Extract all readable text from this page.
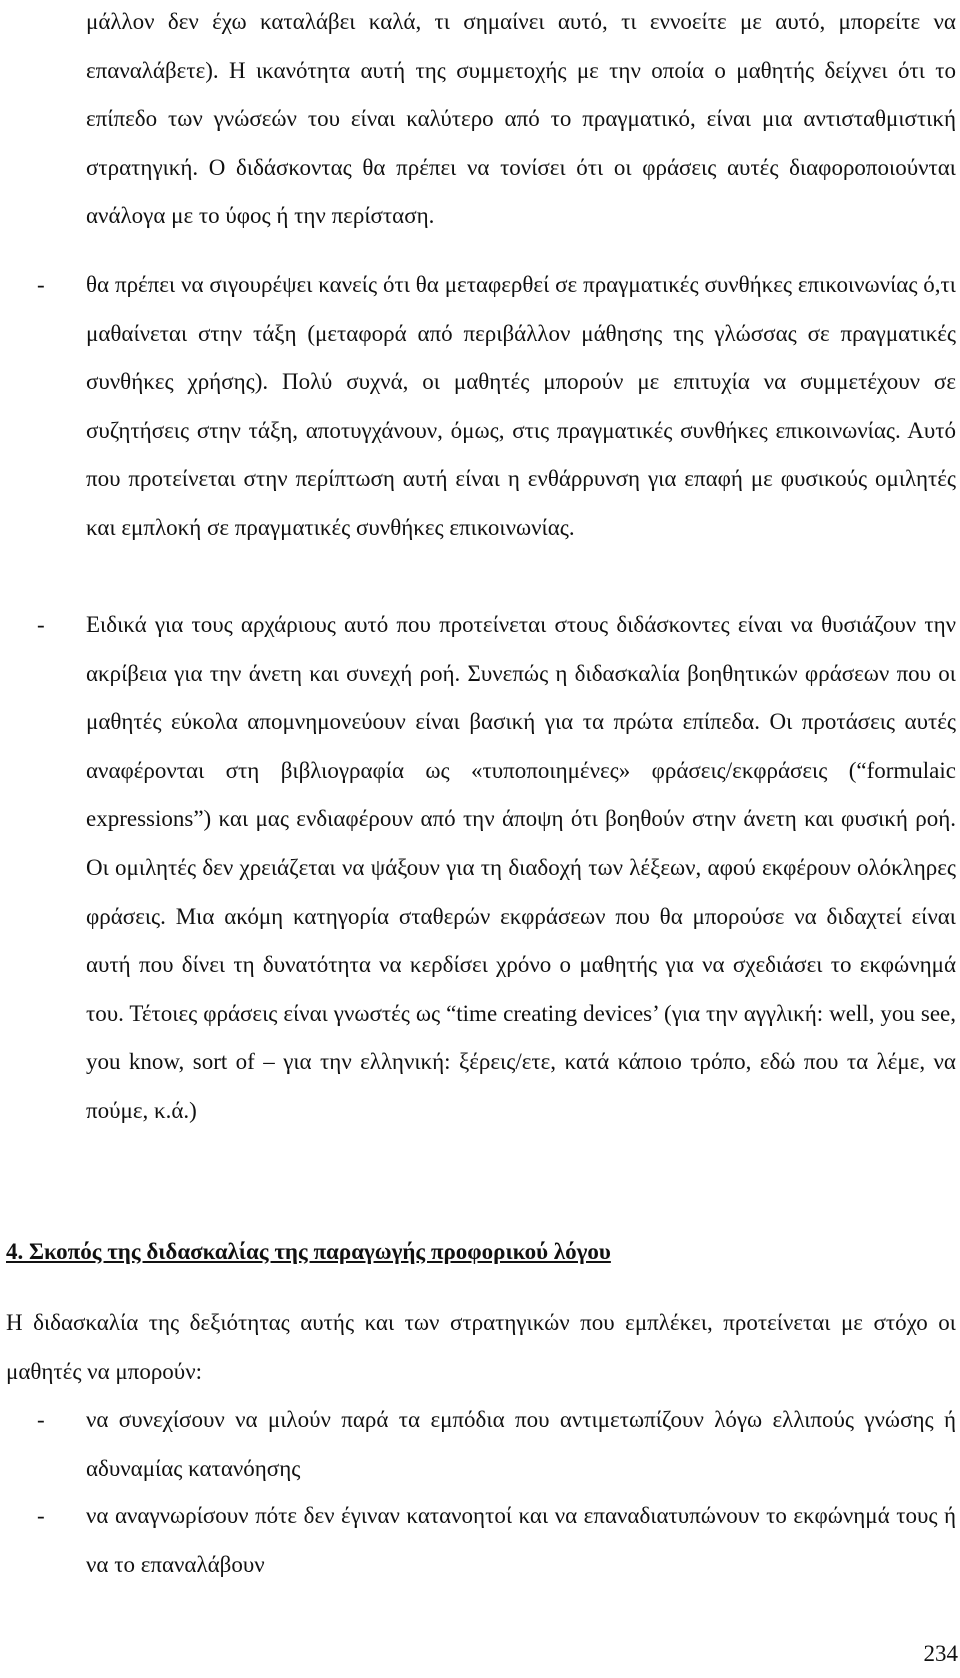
μάλλον δεν έχω καταλάβει καλά, τι σημαίνει αυτό, τι εννοείτε με αυτό, μπορείτε να επαναλάβετε). Η ικανότητα αυτή της συμμετοχής με την οποία ο μαθητής δείχνει ότι το επίπεδο των γνώσεών του είναι καλύτερο από το πραγματικό, είναι μια αντισταθμιστική στρατηγική. Ο διδάσκοντας θα πρέπει να τονίσει ότι οι φράσεις αυτές διαφοροποιούνται ανάλογα με το ύφος ή την περίσταση.

- θα πρέπει να σιγουρέψει κανείς ότι θα μεταφερθεί σε πραγματικές συνθήκες επικοινωνίας ό,τι μαθαίνεται στην τάξη (μεταφορά από περιβάλλον μάθησης της γλώσσας σε πραγματικές συνθήκες χρήσης). Πολύ συχνά, οι μαθητές μπορούν με επιτυχία να συμμετέχουν σε συζητήσεις στην τάξη, αποτυγχάνουν, όμως, στις πραγματικές συνθήκες επικοινωνίας. Αυτό που προτείνεται στην περίπτωση αυτή είναι η ενθάρρυνση για επαφή με φυσικούς ομιλητές και εμπλοκή σε πραγματικές συνθήκες επικοινωνίας.
- Ειδικά για τους αρχάριους αυτό που προτείνεται στους διδάσκοντες είναι να θυσιάζουν την ακρίβεια για την άνετη και συνεχή ροή. Συνεπώς η διδασκαλία βοηθητικών φράσεων που οι μαθητές εύκολα απομνημονεύουν είναι βασική για τα πρώτα επίπεδα. Οι προτάσεις αυτές αναφέρονται στη βιβλιογραφία ως «τυποποιημένες» φράσεις/εκφράσεις (“formulaic expressions”) και μας ενδιαφέρουν από την άποψη ότι βοηθούν στην άνετη και φυσική ροή. Οι ομιλητές δεν χρειάζεται να ψάξουν για τη διαδοχή των λέξεων, αφού εκφέρουν ολόκληρες φράσεις. Μια ακόμη κατηγορία σταθερών εκφράσεων που θα μπορούσε να διδαχτεί είναι αυτή που δίνει τη δυνατότητα να κερδίσει χρόνο ο μαθητής για να σχεδιάσει το εκφώνημά του. Τέτοιες φράσεις είναι γνωστές ως “time creating devices’ (για την αγγλική: well, you see, you know, sort of – για την ελληνική: ξέρεις/ετε, κατά κάποιο τρόπο, εδώ που τα λέμε, να πούμε, κ.ά.)

4. Σκοπός της διδασκαλίας της παραγωγής προφορικού λόγου

Η διδασκαλία της δεξιότητας αυτής και των στρατηγικών που εμπλέκει, προτείνεται με στόχο οι μαθητές να μπορούν:

- να συνεχίσουν να μιλούν παρά τα εμπόδια που αντιμετωπίζουν λόγω ελλιπούς γνώσης ή αδυναμίας κατανόησης
- να αναγνωρίσουν πότε δεν έγιναν κατανοητοί και να επαναδιατυπώνουν το εκφώνημά τους ή να το επαναλάβουν
234
